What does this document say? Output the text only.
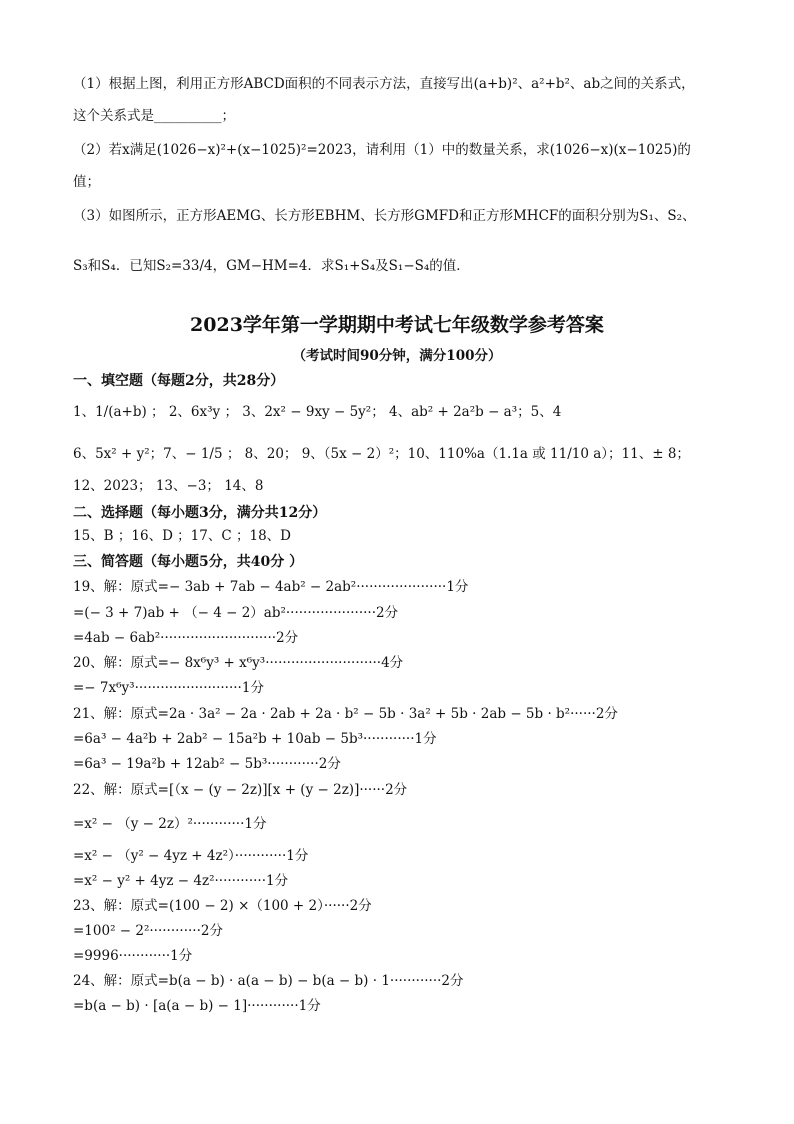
（1）根据上图，利用正方形ABCD面积的不同表示方法，直接写出(a+b)²、a²+b²、ab之间的关系式，
这个关系式是__________；
（2）若x满足(1026−x)²+(x−1025)²=2023，请利用（1）中的数量关系，求(1026−x)(x−1025)的
值；
（3）如图所示，正方形AEMG、长方形EBHM、长方形GMFD和正方形MHCF的面积分别为S₁、S₂、
S₃和S₄．已知S₂=33/4，GM−HM=4．求S₁+S₄及S₁−S₄的值．
2023学年第一学期期中考试七年级数学参考答案
（考试时间90分钟，满分100分）
一、填空题（每题2分，共28分）
1、1/(a+b) ； 2、6x³y ； 3、2x² − 9xy − 5y²； 4、ab² + 2a²b − a³；5、4
6、5x² + y²；7、− 1/5 ； 8、20； 9、（5x − 2）²；10、110%a（1.1a 或 11/10 a）；11、± 8；
12、2023； 13、−3； 14、8
二、选择题（每小题3分，满分共12分）
15、B ；16、D ；17、C ；18、D
三、简答题（每小题5分，共40分 ）
19、解：原式=− 3ab + 7ab − 4ab² − 2ab²·····················1分
=(− 3 + 7)ab + （− 4 − 2）ab²·····················2分
=4ab − 6ab²···························2分
20、解：原式=− 8x⁶y³ + x⁶y³···························4分
=− 7x⁶y³·························1分
21、解：原式=2a · 3a² − 2a · 2ab + 2a · b² − 5b · 3a² + 5b · 2ab − 5b · b²······2分
=6a³ − 4a²b + 2ab² − 15a²b + 10ab − 5b³············1分
=6a³ − 19a²b + 12ab² − 5b³············2分
22、解：原式=[（x − (y − 2z)][x + (y − 2z)]······2分
=x² − （y − 2z）²············1分
=x² − （y² − 4yz + 4z²）············1分
=x² − y² + 4yz − 4z²············1分
23、解：原式=(100 − 2) ×（100 + 2）······2分
=100² − 2²············2分
=9996············1分
24、解：原式=b(a − b) · a(a − b) − b(a − b) · 1············2分
=b(a − b) · [a(a − b) − 1]············1分
